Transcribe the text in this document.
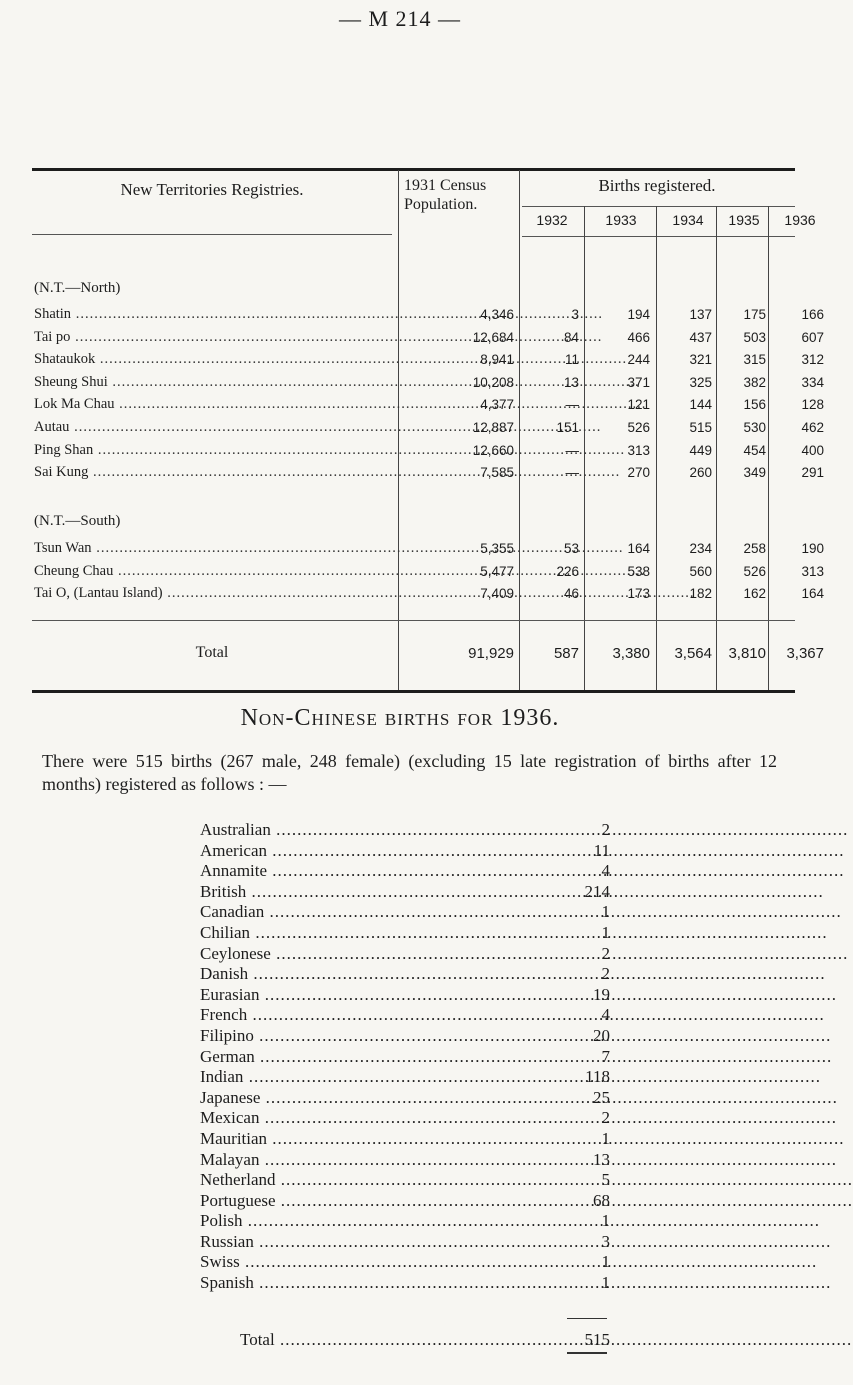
— M 214 —
New Territories Registries.	1931 Census Population.
Births registered.
1932	1933	1934	1935	1936
(N.T.—North)
(N.T.—South)
Shatin .....	4,346	3	194	137	175	166
Tai po .....	12,684	84	466	437	503	607
Shataukok .....	8,941	11	244	321	315	312
Sheung Shui .....	10,208	13	371	325	382	334
Lok Ma Chau .....	4,377	—	121	144	156	128
Autau .....	12,887	151	526	515	530	462
Ping Shan .....	12,660	—	313	449	454	400
Sai Kung .....	7,585	—	270	260	349	291
Tsun Wan .....	5,355	53	164	234	258	190
Cheung Chau .....	5,477	226	538	560	526	313
Tai O, (Lantau Island) .....	7,409	46	173	182	162	164
Total	91,929	587	3,380	3,564	3,810	3,367
Non-Chinese births for 1936.
There were 515 births (267 male, 248 female) (excluding 15 late registration of births after 12 months) registered as follows : —
Australian .....	2
American .....	11
Annamite .....	4
British .....	214
Canadian .....	1
Chilian .....	1
Ceylonese .....	2
Danish .....	2
Eurasian .....	19
French .....	4
Filipino .....	20
German .....	7
Indian .....	118
Japanese .....	25
Mexican .....	2
Mauritian .....	1
Malayan .....	13
Netherland .....	5
Portuguese .....	68
Polish .....	1
Russian .....	3
Swiss .....	1
Spanish .....	1
Total .....	515
